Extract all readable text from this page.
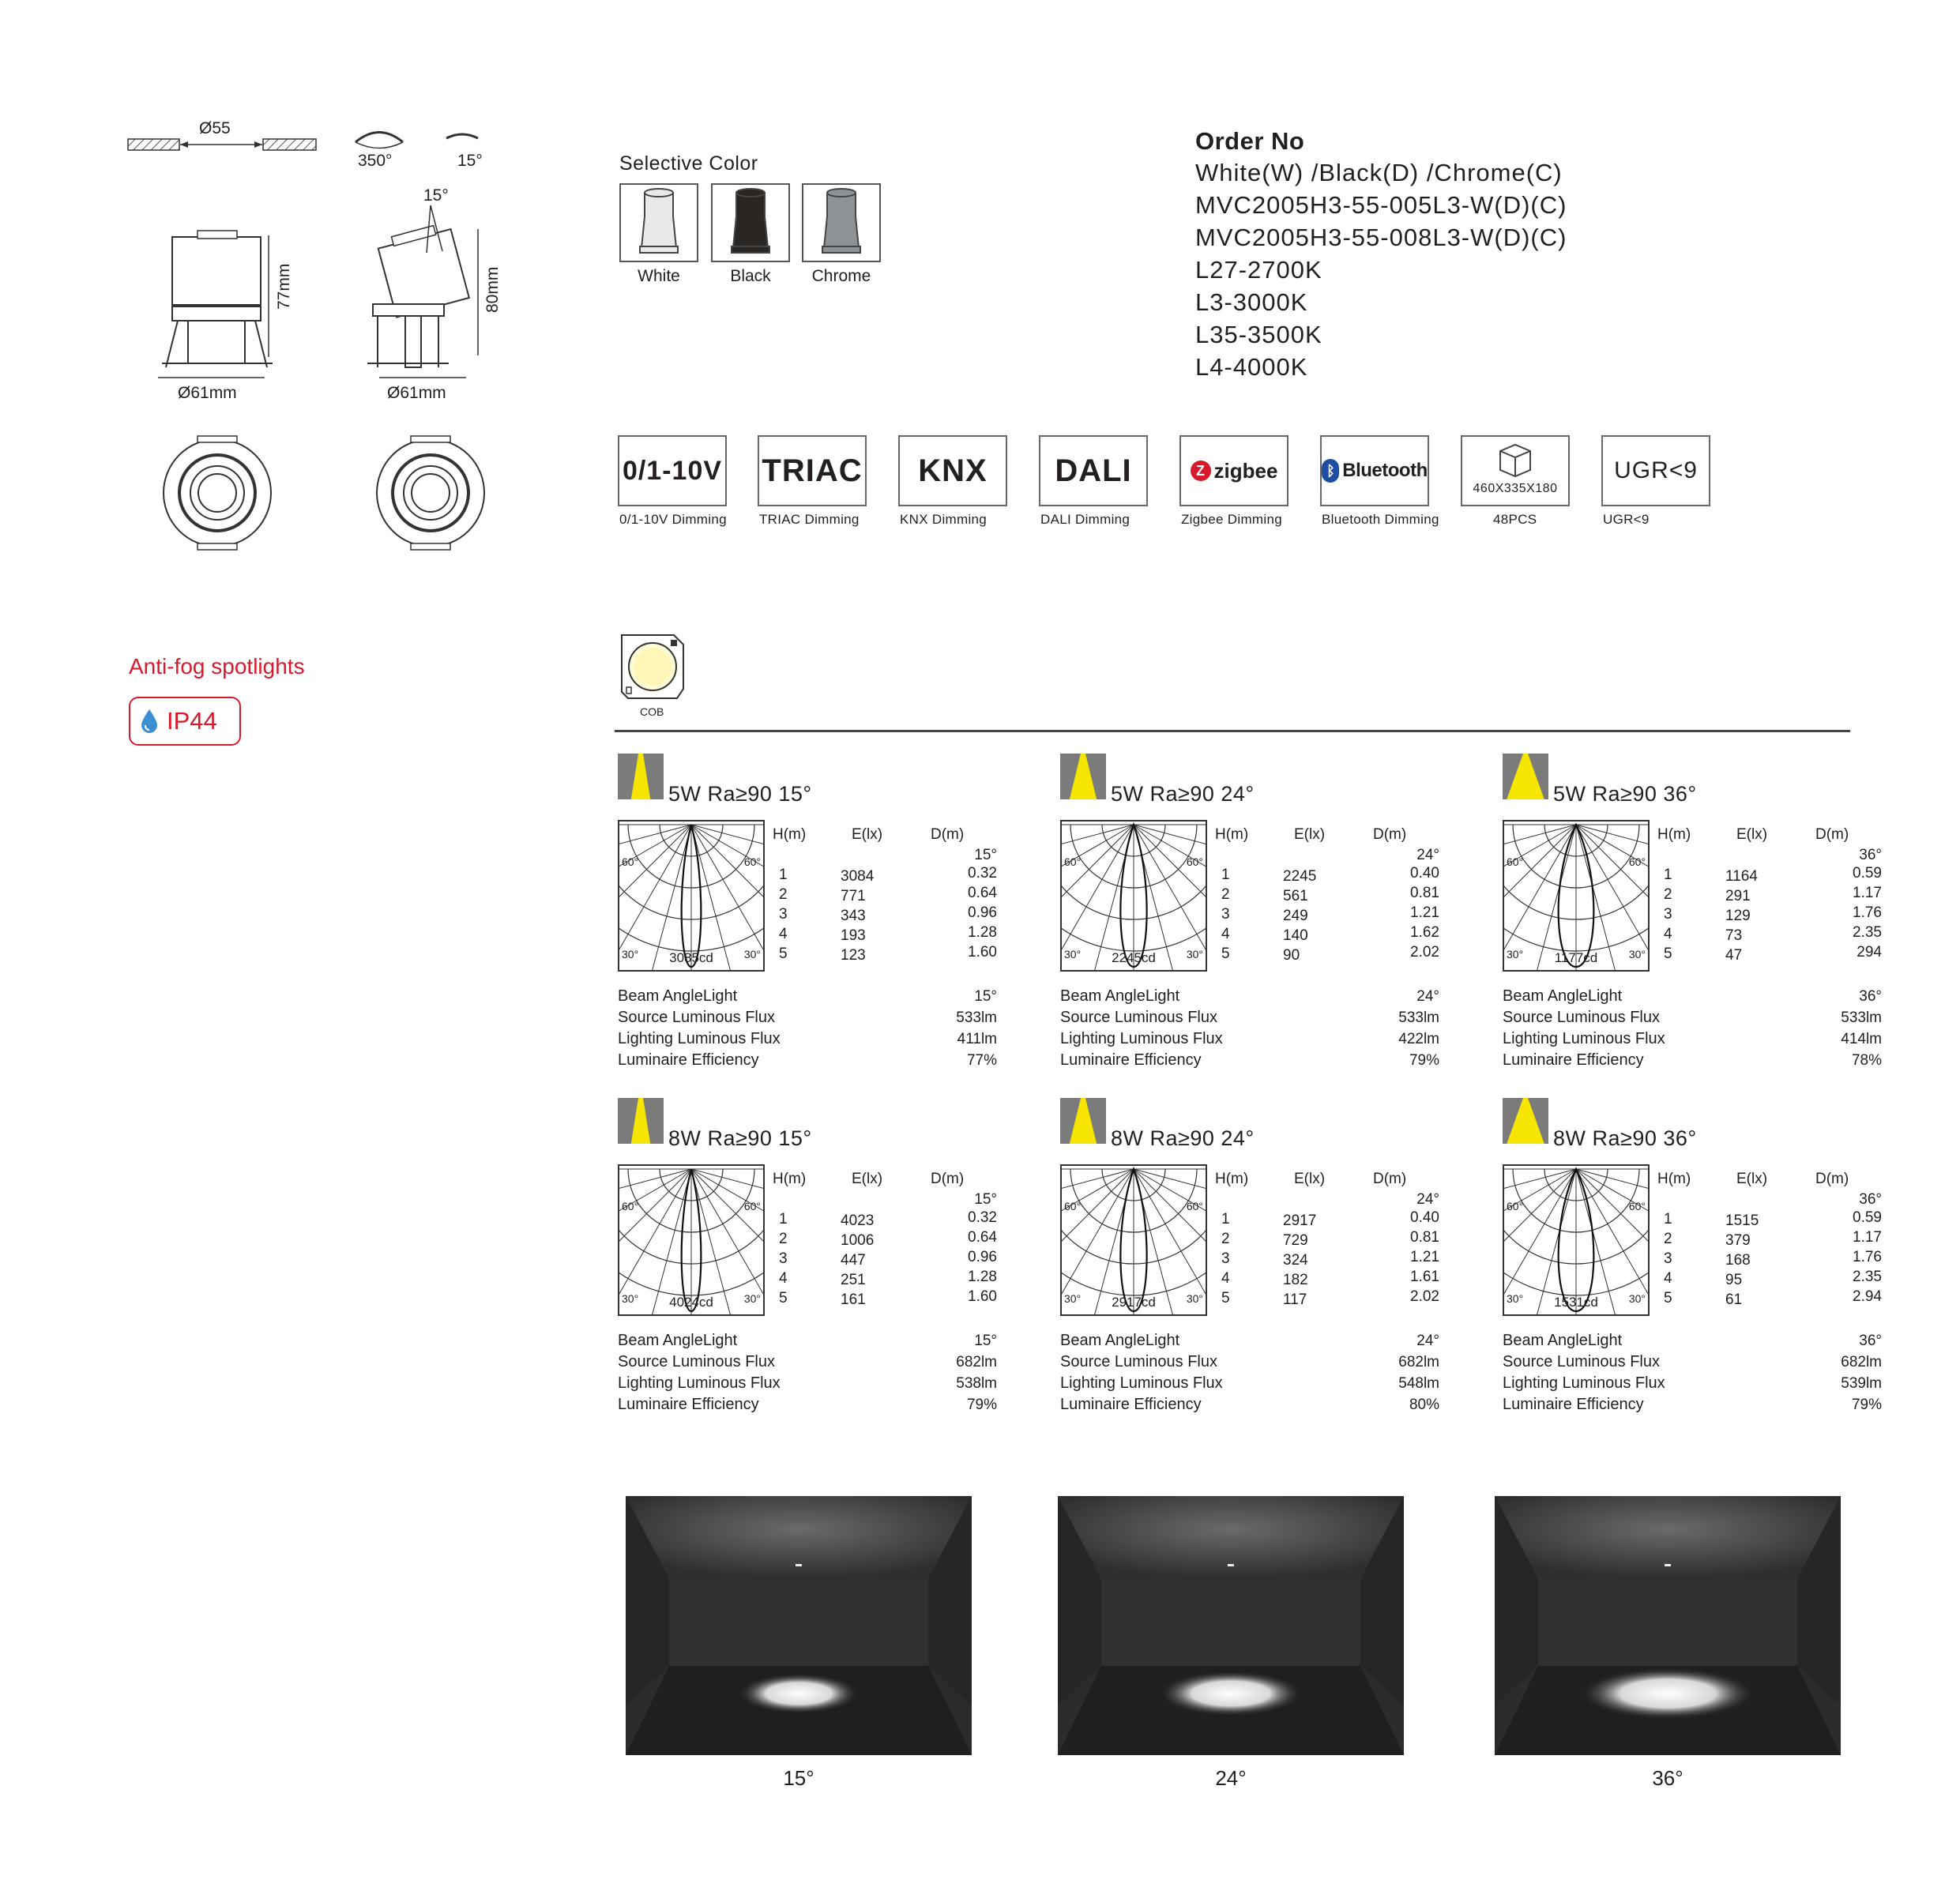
Ø55
350°	15°
15°
77mm	80mm
Ø61mm	Ø61mm
Selective Color
White	Black	Chrome
Order No
White(W) /Black(D) /Chrome(C)
MVC2005H3-55-005L3-W(D)(C)
MVC2005H3-55-008L3-W(D)(C)
L27-2700K
L3-3000K
L35-3500K
L4-4000K
0/1-10V
0/1-10V Dimming
TRIAC
TRIAC Dimming
KNX
KNX Dimming
DALI
DALI Dimming
Z zigbee
Zigbee Dimming
ᛒ Bluetooth
Bluetooth Dimming
460X335X180
48PCS
UGR<9
UGR<9
Anti-fog spotlights
IP44	COB
5W Ra≥90 15°
60°	60°
30°	30°
3085cd
H(m)	E(lx)	D(m)
15°
1	3084	0.32
2	771	0.64
3	343	0.96
4	193	1.28
5	123	1.60
Beam AngleLight	15°
Source Luminous Flux	533lm
Lighting Luminous Flux	411lm
Luminaire Efficiency	77%
5W Ra≥90 24°
60°	60°
30°	30°
2245cd
H(m)	E(lx)	D(m)
24°
1	2245	0.40
2	561	0.81
3	249	1.21
4	140	1.62
5	90	2.02
Beam AngleLight	24°
Source Luminous Flux	533lm
Lighting Luminous Flux	422lm
Luminaire Efficiency	79%
5W Ra≥90 36°
60°	60°
30°	30°
1177cd
H(m)	E(lx)	D(m)
36°
1	1164	0.59
2	291	1.17
3	129	1.76
4	73	2.35
5	47	294
Beam AngleLight	36°
Source Luminous Flux	533lm
Lighting Luminous Flux	414lm
Luminaire Efficiency	78%
8W Ra≥90 15°
60°	60°
30°	30°
4024cd
H(m)	E(lx)	D(m)
15°
1	4023	0.32
2	1006	0.64
3	447	0.96
4	251	1.28
5	161	1.60
Beam AngleLight	15°
Source Luminous Flux	682lm
Lighting Luminous Flux	538lm
Luminaire Efficiency	79%
8W Ra≥90 24°
60°	60°
30°	30°
2917cd
H(m)	E(lx)	D(m)
24°
1	2917	0.40
2	729	0.81
3	324	1.21
4	182	1.61
5	117	2.02
Beam AngleLight	24°
Source Luminous Flux	682lm
Lighting Luminous Flux	548lm
Luminaire Efficiency	80%
8W Ra≥90 36°
60°	60°
30°	30°
1531cd
H(m)	E(lx)	D(m)
36°
1	1515	0.59
2	379	1.17
3	168	1.76
4	95	2.35
5	61	2.94
Beam AngleLight	36°
Source Luminous Flux	682lm
Lighting Luminous Flux	539lm
Luminaire Efficiency	79%
15°	24°	36°
